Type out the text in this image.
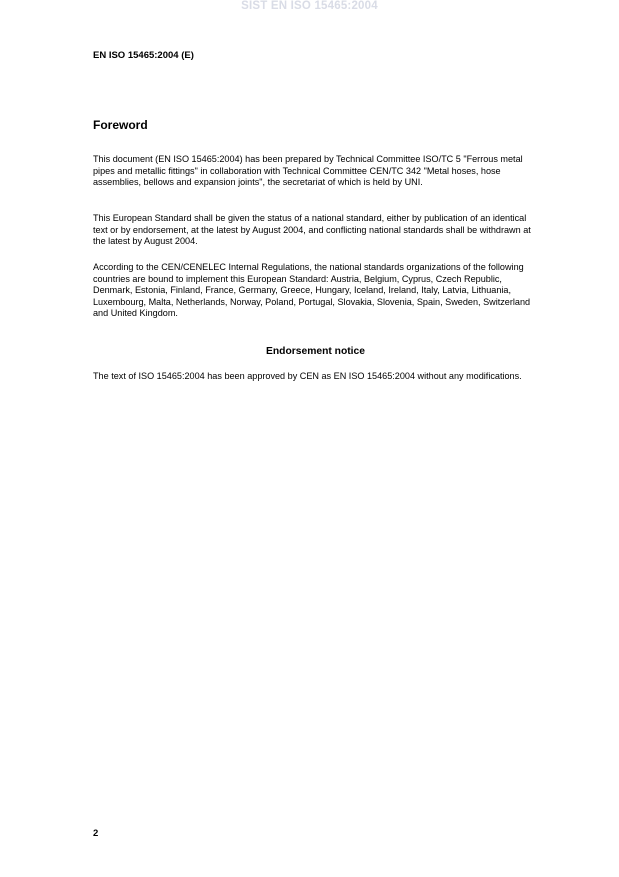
SIST EN ISO 15465:2004
EN ISO 15465:2004 (E)
Foreword

This document (EN ISO 15465:2004) has been prepared by Technical Committee ISO/TC 5 "Ferrous metal pipes and metallic fittings" in collaboration with Technical Committee CEN/TC 342 "Metal hoses, hose assemblies, bellows and expansion joints", the secretariat of which is held by UNI.

This European Standard shall be given the status of a national standard, either by publication of an identical text or by endorsement, at the latest by August 2004, and conflicting national standards shall be withdrawn at the latest by August 2004.

According to the CEN/CENELEC Internal Regulations, the national standards organizations of the following countries are bound to implement this European Standard: Austria, Belgium, Cyprus, Czech Republic, Denmark, Estonia, Finland, France, Germany, Greece, Hungary, Iceland, Ireland, Italy, Latvia, Lithuania, Luxembourg, Malta, Netherlands, Norway, Poland, Portugal, Slovakia, Slovenia, Spain, Sweden, Switzerland and United Kingdom.

Endorsement notice

The text of ISO 15465:2004 has been approved by CEN as EN ISO 15465:2004 without any modifications.

2
